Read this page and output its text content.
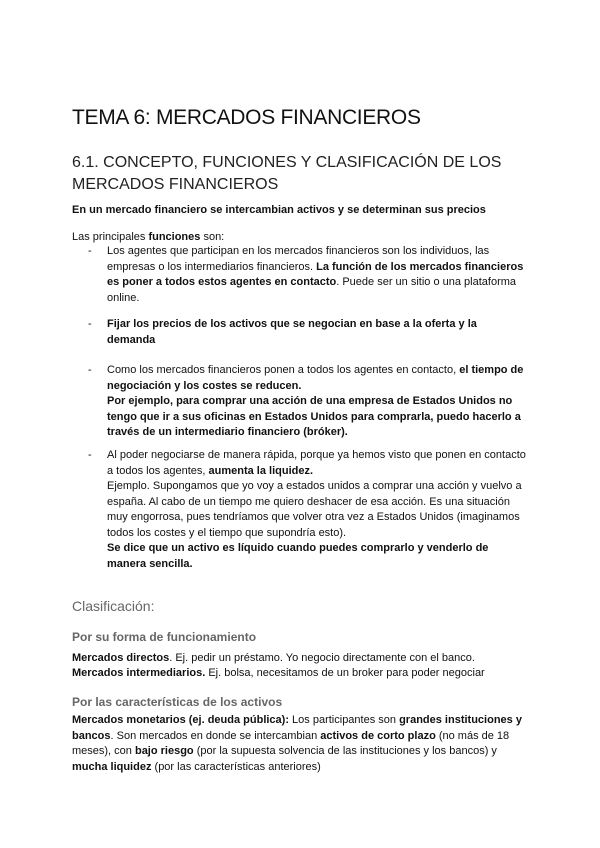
TEMA 6: MERCADOS FINANCIEROS
6.1. CONCEPTO, FUNCIONES Y CLASIFICACIÓN DE LOS MERCADOS FINANCIEROS

En un mercado financiero se intercambian activos y se determinan sus precios

Las principales funciones son:

- Los agentes que participan en los mercados financieros son los individuos, las empresas o los intermediarios financieros. La función de los mercados financieros es poner a todos estos agentes en contacto. Puede ser un sitio o una plataforma online.

- Fijar los precios de los activos que se negocian en base a la oferta y la demanda

- Como los mercados financieros ponen a todos los agentes en contacto, el tiempo de negociación y los costes se reducen.

Por ejemplo, para comprar una acción de una empresa de Estados Unidos no tengo que ir a sus oficinas en Estados Unidos para comprarla, puedo hacerlo a través de un intermediario financiero (bróker).

- Al poder negociarse de manera rápida, porque ya hemos visto que ponen en contacto a todos los agentes, aumenta la liquidez.

Ejemplo. Supongamos que yo voy a estados unidos a comprar una acción y vuelvo a españa. Al cabo de un tiempo me quiero deshacer de esa acción. Es una situación muy engorrosa, pues tendríamos que volver otra vez a Estados Unidos (imaginamos todos los costes y el tiempo que supondría esto).

Se dice que un activo es líquido cuando puedes comprarlo y venderlo de manera sencilla.

Clasificación:
Por su forma de funcionamiento

Mercados directos. Ej. pedir un préstamo. Yo negocio directamente con el banco.

Mercados intermediarios. Ej. bolsa, necesitamos de un broker para poder negociar

Por las características de los activos

Mercados monetarios (ej. deuda pública): Los participantes son grandes instituciones y bancos. Son mercados en donde se intercambian activos de corto plazo (no más de 18 meses), con bajo riesgo (por la supuesta solvencia de las instituciones y los bancos) y mucha liquidez (por las características anteriores)
